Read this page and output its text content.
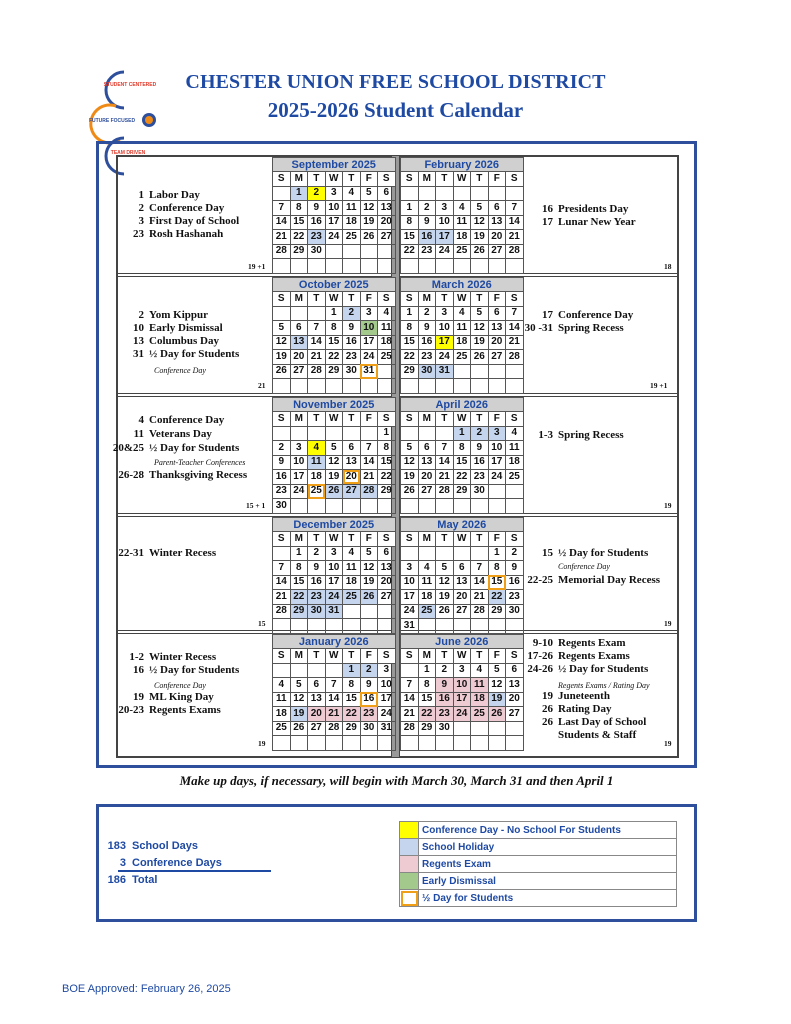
STUDENT CENTERED
FUTURE FOCUSED
TEAM DRIVEN
CHESTER UNION FREE SCHOOL DISTRICT
2025-2026 Student Calendar
September 2025						
S	M	T	W	T	F	S
	1	2	3	4	5	6
7	8	9	10	11	12	13
14	15	16	17	18	19	20
21	22	23	24	25	26	27
28	29	30				

February 2026						
S	M	T	W	T	F	S

1	2	3	4	5	6	7
8	9	10	11	12	13	14
15	16	17	18	19	20	21
22	23	24	25	26	27	28

October 2025						
S	M	T	W	T	F	S
			1	2	3	4
5	6	7	8	9	10	11
12	13	14	15	16	17	18
19	20	21	22	23	24	25
26	27	28	29	30	31	

March 2026						
S	M	T	W	T	F	S
1	2	3	4	5	6	7
8	9	10	11	12	13	14
15	16	17	18	19	20	21
22	23	24	25	26	27	28
29	30	31				

November 2025						
S	M	T	W	T	F	S
						1
2	3	4	5	6	7	8
9	10	11	12	13	14	15
16	17	18	19	20	21	22
23	24	25	26	27	28	29
30						
April 2026						
S	M	T	W	T	F	S
			1	2	3	4
5	6	7	8	9	10	11
12	13	14	15	16	17	18
19	20	21	22	23	24	25
26	27	28	29	30		

December 2025						
S	M	T	W	T	F	S
	1	2	3	4	5	6
7	8	9	10	11	12	13
14	15	16	17	18	19	20
21	22	23	24	25	26	27
28	29	30	31			

May 2026						
S	M	T	W	T	F	S
					1	2
3	4	5	6	7	8	9
10	11	12	13	14	15	16
17	18	19	20	21	22	23
24	25	26	27	28	29	30
31						
January 2026						
S	M	T	W	T	F	S
				1	2	3
4	5	6	7	8	9	10
11	12	13	14	15	16	17
18	19	20	21	22	23	24
25	26	27	28	29	30	31

June 2026						
S	M	T	W	T	F	S
	1	2	3	4	5	6
7	8	9	10	11	12	13
14	15	16	17	18	19	20
21	22	23	24	25	26	27
28	29	30				

1 Labor Day
2 Conference Day
3 First Day of School
23 Rosh Hashanah
19 +1
16 Presidents Day
17 Lunar New Year
18
2 Yom Kippur
10 Early Dismissal
13 Columbus Day
31 ½ Day for Students
Conference Day
21
17 Conference Day
30 -31 Spring Recess
19 +1
4 Conference Day
11 Veterans Day
20&25 ½ Day for Students
26-28 Thanksgiving Recess
Parent-Teacher Conferences
15 + 1
1-3 Spring Recess
19
22-31 Winter Recess
15
15 ½ Day for Students
22-25 Memorial Day Recess
Conference Day
19
1-2 Winter Recess
16 ½ Day for Students
19 ML King Day
20-23 Regents Exams
Conference Day
19
9-10 Regents Exam
17-26 Regents Exams
24-26 ½ Day for Students
19 Juneteenth
26 Rating Day
26 Last Day of School
Students & Staff
Regents Exams / Rating Day
19
Make up days, if necessary, will begin with March 30, March 31 and then April 1
183 School Days
3 Conference Days
186 Total
	Conference Day - No School For Students
	School Holiday
	Regents Exam
	Early Dismissal
	½ Day for Students
BOE Approved: February 26, 2025
